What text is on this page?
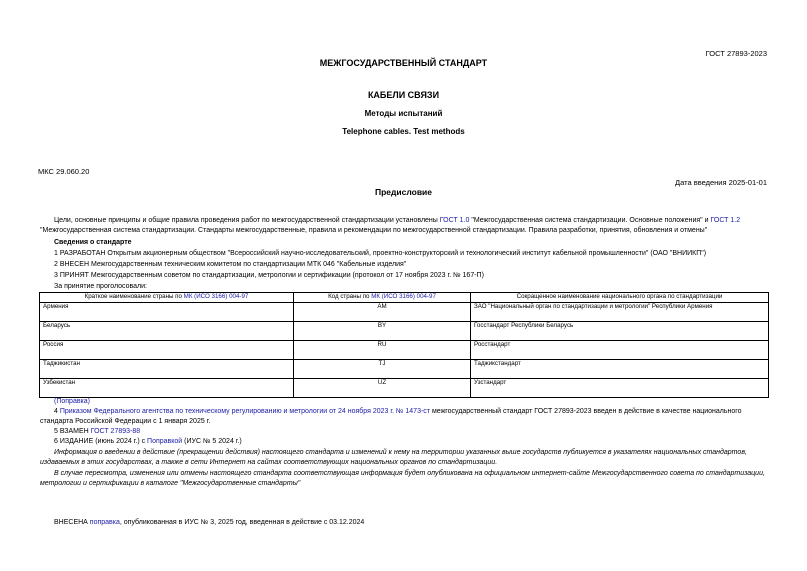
ГОСТ 27893-2023
МЕЖГОСУДАРСТВЕННЫЙ СТАНДАРТ
КАБЕЛИ СВЯЗИ
Методы испытаний
Telephone cables. Test methods
МКС 29.060.20
Дата введения 2025-01-01
Предисловие
Цели, основные принципы и общие правила проведения работ по межгосударственной стандартизации установлены ГОСТ 1.0 "Межгосударственная система стандартизации. Основные положения" и ГОСТ 1.2 "Межгосударственная система стандартизации. Стандарты межгосударственные, правила и рекомендации по межгосударственной стандартизации. Правила разработки, принятия, обновления и отмены"
Сведения о стандарте
1 РАЗРАБОТАН Открытым акционерным обществом "Всероссийский научно-исследовательский, проектно-конструкторский и технологический институт кабельной промышленности" (ОАО "ВНИИКП")
2 ВНЕСЕН Межгосударственным техническим комитетом по стандартизации МТК 046 "Кабельные изделия"
3 ПРИНЯТ Межгосударственным советом по стандартизации, метрологии и сертификации (протокол от 17 ноября 2023 г. № 167-П)
За принятие проголосовали:
Краткое наименование страны по МК (ИСО 3166) 004-97	Код страны по МК (ИСО 3166) 004-97	Сокращенное наименование национального органа по стандартизации
Армения	AM	ЗАО "Национальный орган по стандартизации и метрологии" Республики Армения
Беларусь	BY	Госстандарт Республики Беларусь
Россия	RU	Росстандарт
Таджикистан	TJ	Таджикстандарт
Узбекистан	UZ	Узстандарт
(Поправка)
4 Приказом Федерального агентства по техническому регулированию и метрологии от 24 ноября 2023 г. № 1473-ст межгосударственный стандарт ГОСТ 27893-2023 введен в действие в качестве национального стандарта Российской Федерации с 1 января 2025 г.
5 ВЗАМЕН ГОСТ 27893-88
6 ИЗДАНИЕ (июнь 2024 г.) с Поправкой (ИУС № 5 2024 г.)
Информация о введении в действие (прекращении действия) настоящего стандарта и изменений к нему на территории указанных выше государств публикуется в указателях национальных стандартов, издаваемых в этих государствах, а также в сети Интернет на сайтах соответствующих национальных органов по стандартизации.
В случае пересмотра, изменения или отмены настоящего стандарта соответствующая информация будет опубликована на официальном интернет-сайте Межгосударственного совета по стандартизации, метрологии и сертификации в каталоге "Межгосударственные стандарты"
ВНЕСЕНА поправка, опубликованная в ИУС № 3, 2025 год, введенная в действие с 03.12.2024
